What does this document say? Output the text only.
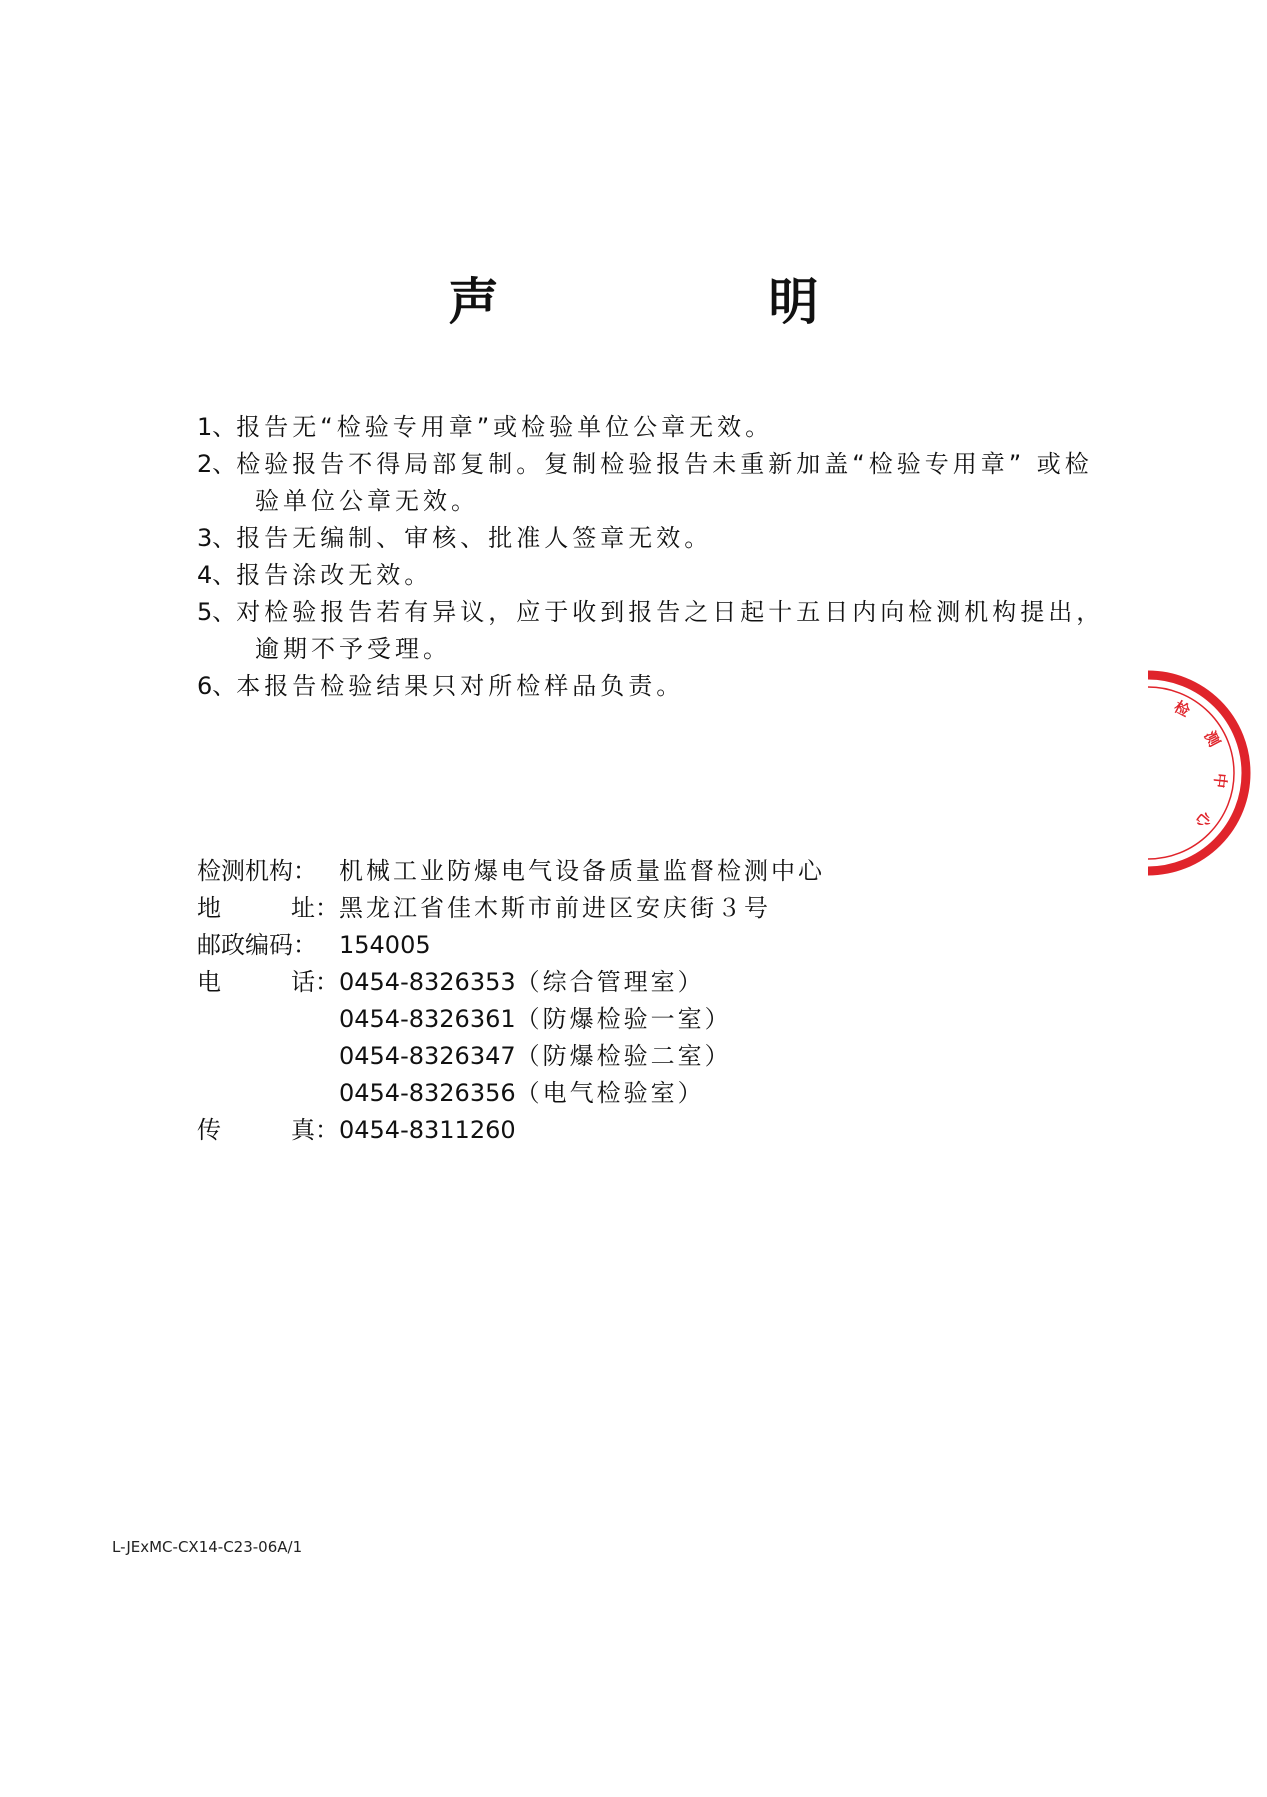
声　明
1、报告无“检验专用章”或检验单位公章无效。
2、检验报告不得局部复制。复制检验报告未重新加盖“检验专用章” 或检
验单位公章无效。
3、报告无编制、审核、批准人签章无效。
4、报告涂改无效。
5、对检验报告若有异议，应于收到报告之日起十五日内向检测机构提出，
逾期不予受理。
6、本报告检验结果只对所检样品负责。
检测机构： 机械工业防爆电气设备质量监督检测中心
地	址： 黑龙江省佳木斯市前进区安庆街３号
邮政编码： 154005
电	话： 0454-8326353（综合管理室）
0454-8326361（防爆检验一室）
0454-8326347（防爆检验二室）
0454-8326356（电气检验室）
传	真： 0454-8311260
L-JExMC-CX14-C23-06A/1
检
测
中
心
